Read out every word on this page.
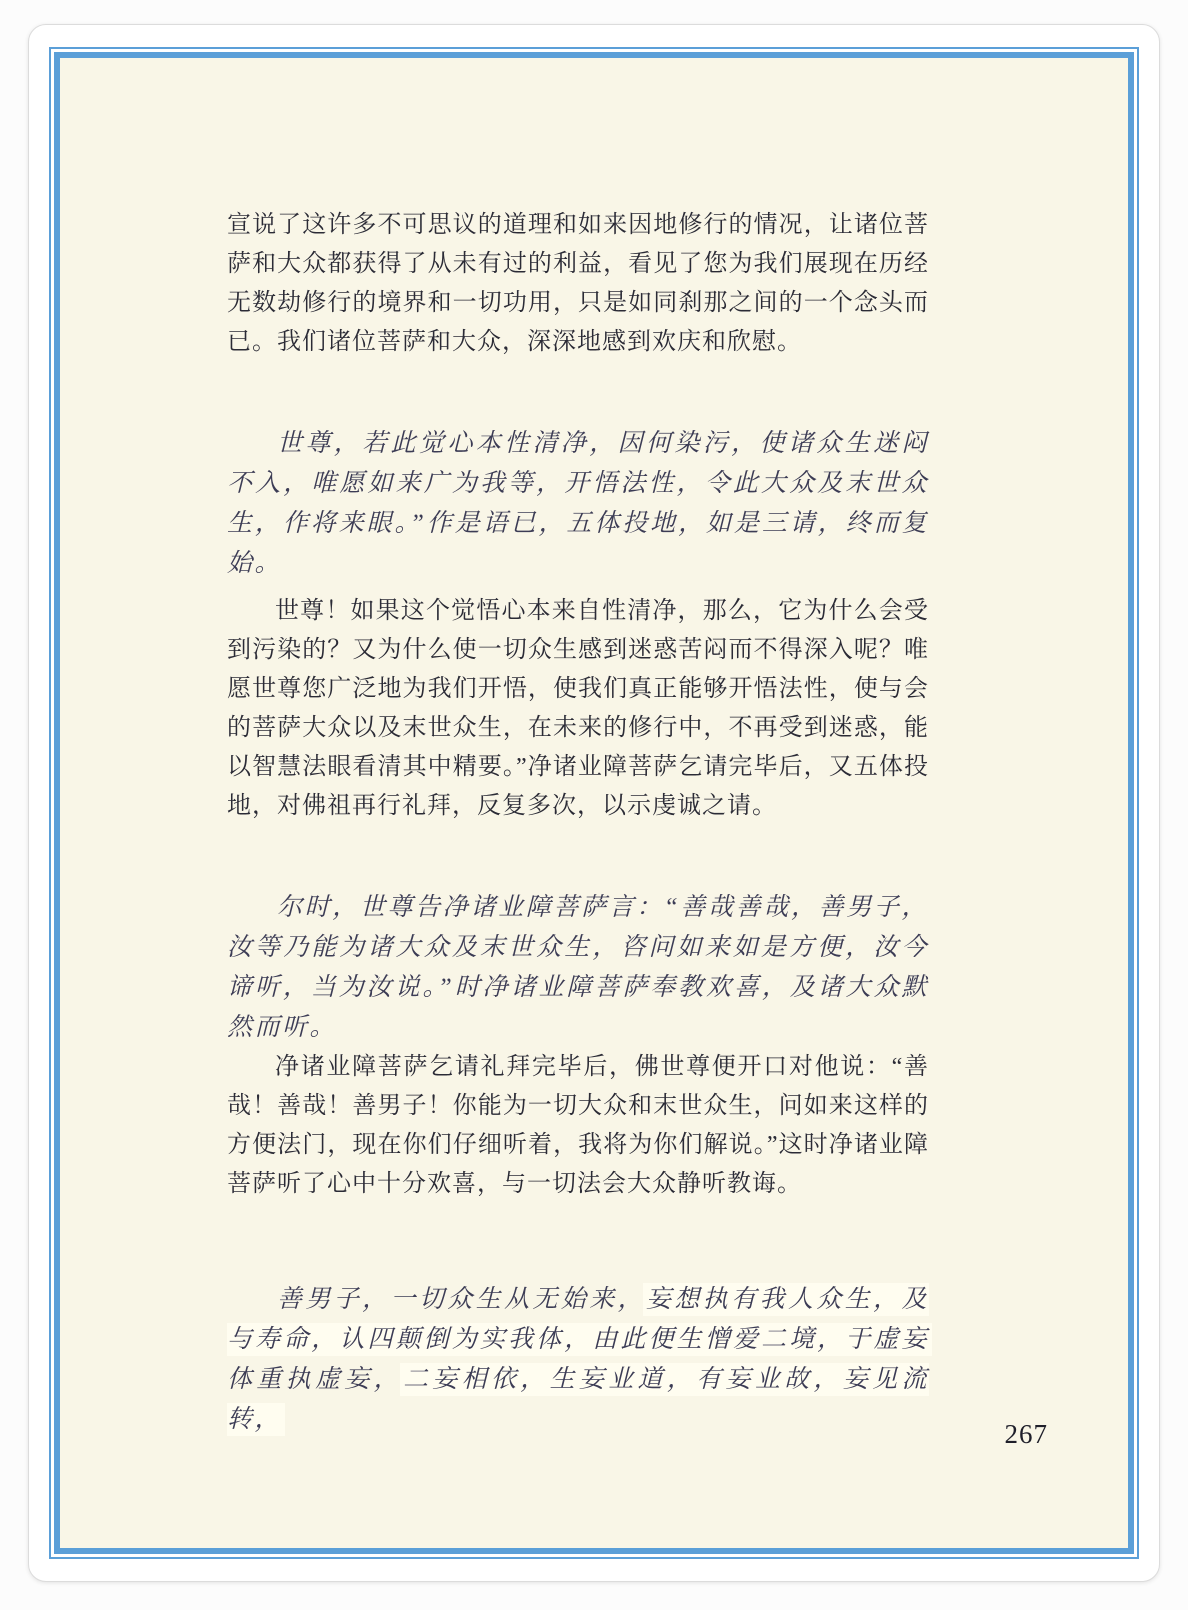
宣说了这许多不可思议的道理和如来因地修行的情况，让诸位菩萨和大众都获得了从未有过的利益，看见了您为我们展现在历经无数劫修行的境界和一切功用，只是如同刹那之间的一个念头而已。我们诸位菩萨和大众，深深地感到欢庆和欣慰。

世尊，若此觉心本性清净，因何染污，使诸众生迷闷不入，唯愿如来广为我等，开悟法性，令此大众及末世众生，作将来眼。”作是语已，五体投地，如是三请，终而复始。

世尊！如果这个觉悟心本来自性清净，那么，它为什么会受到污染的？又为什么使一切众生感到迷惑苦闷而不得深入呢？唯愿世尊您广泛地为我们开悟，使我们真正能够开悟法性，使与会的菩萨大众以及末世众生，在未来的修行中，不再受到迷惑，能以智慧法眼看清其中精要。”净诸业障菩萨乞请完毕后，又五体投地，对佛祖再行礼拜，反复多次，以示虔诚之请。

尔时，世尊告净诸业障菩萨言：“善哉善哉，善男子，汝等乃能为诸大众及末世众生，咨问如来如是方便，汝今谛听，当为汝说。”时净诸业障菩萨奉教欢喜，及诸大众默然而听。

净诸业障菩萨乞请礼拜完毕后，佛世尊便开口对他说：“善哉！善哉！善男子！你能为一切大众和末世众生，问如来这样的方便法门，现在你们仔细听着，我将为你们解说。”这时净诸业障菩萨听了心中十分欢喜，与一切法会大众静听教诲。

善男子，一切众生从无始来，妄想执有我人众生，及与寿命，认四颠倒为实我体，由此便生憎爱二境，于虚妄体重执虚妄，二妄相依，生妄业道，有妄业故，妄见流转，	267
